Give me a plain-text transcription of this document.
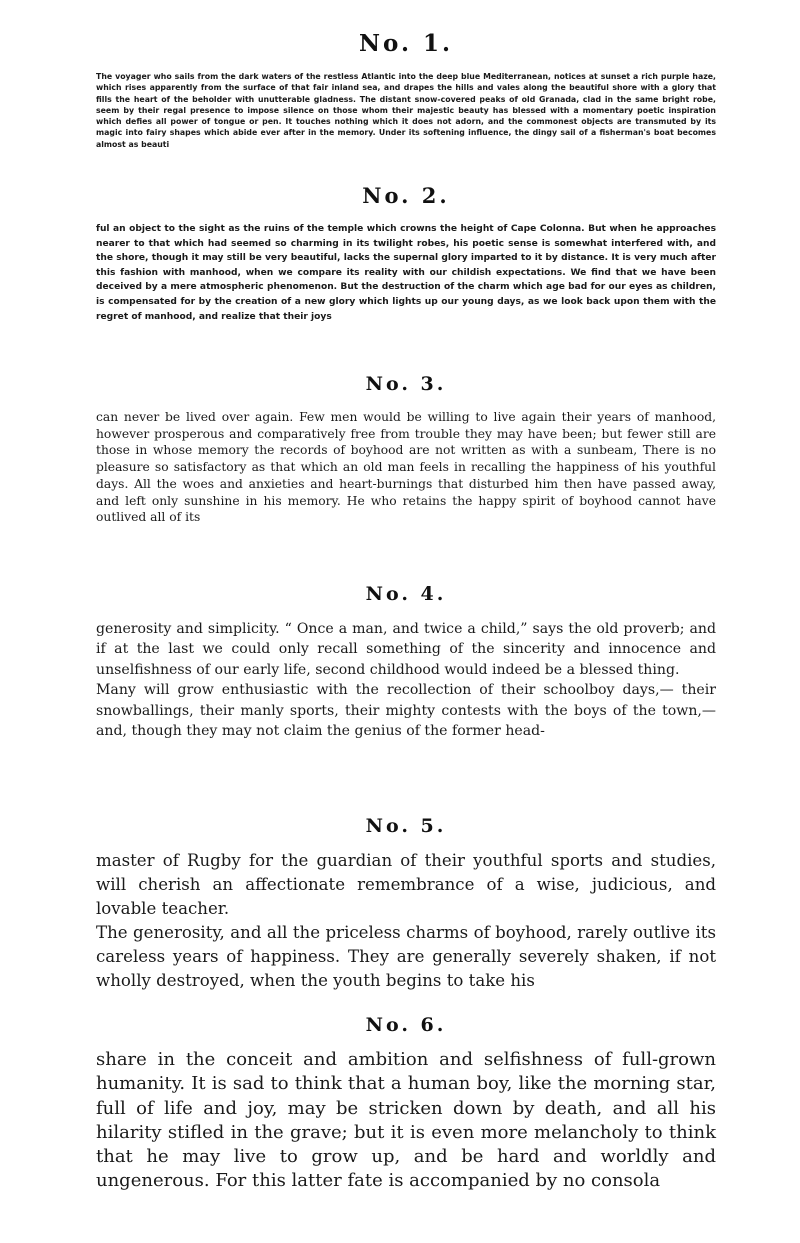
No. 1.

The voyager who sails from the dark waters of the restless Atlantic into the deep blue Mediterranean, notices at sunset a rich purple haze, which rises apparently from the surface of that fair inland sea, and drapes the hills and vales along the beautiful shore with a glory that fills the heart of the beholder with unutterable gladness. The distant snow-covered peaks of old Granada, clad in the same bright robe, seem by their regal presence to impose silence on those whom their majestic beauty has blessed with a momentary poetic inspiration which defies all power of tongue or pen. It touches nothing which it does not adorn, and the commonest objects are transmuted by its magic into fairy shapes which abide ever after in the memory. Under its softening influence, the dingy sail of a fisherman's boat becomes almost as beauti

No. 2.

ful an object to the sight as the ruins of the temple which crowns the height of Cape Colonna. But when he approaches nearer to that which had seemed so charming in its twilight robes, his poetic sense is somewhat interfered with, and the shore, though it may still be very beautiful, lacks the supernal glory imparted to it by distance. It is very much after this fashion with manhood, when we compare its reality with our childish expectations. We find that we have been deceived by a mere atmospheric phenomenon. But the destruction of the charm which age bad for our eyes as children, is compensated for by the creation of a new glory which lights up our young days, as we look back upon them with the regret of manhood, and realize that their joys

No. 3.

can never be lived over again. Few men would be willing to live again their years of manhood, however prosperous and comparatively free from trouble they may have been; but fewer still are those in whose memory the records of boyhood are not written as with a sunbeam, There is no pleasure so satisfactory as that which an old man feels in recalling the happiness of his youthful days. All the woes and anxieties and heart-burnings that disturbed him then have passed away, and left only sunshine in his memory. He who retains the happy spirit of boyhood cannot have outlived all of its

No. 4.

generosity and simplicity. “ Once a man, and twice a child,” says the old proverb; and if at the last we could only recall something of the sincerity and innocence and unselfishness of our early life, second childhood would indeed be a blessed thing.

Many will grow enthusiastic with the recollection of their schoolboy days,— their snowballings, their manly sports, their mighty contests with the boys of the town,—and, though they may not claim the genius of the former head-

No. 5.

master of Rugby for the guardian of their youthful sports and studies, will cherish an affectionate remembrance of a wise, judicious, and lovable teacher.

The generosity, and all the priceless charms of boyhood, rarely outlive its careless years of happiness. They are generally severely shaken, if not wholly destroyed, when the youth begins to take his

No. 6.

share in the conceit and ambition and selfishness of full-grown humanity. It is sad to think that a human boy, like the morning star, full of life and joy, may be stricken down by death, and all his hilarity stifled in the grave; but it is even more melancholy to think that he may live to grow up, and be hard and worldly and ungenerous. For this latter fate is accompanied by no consola
